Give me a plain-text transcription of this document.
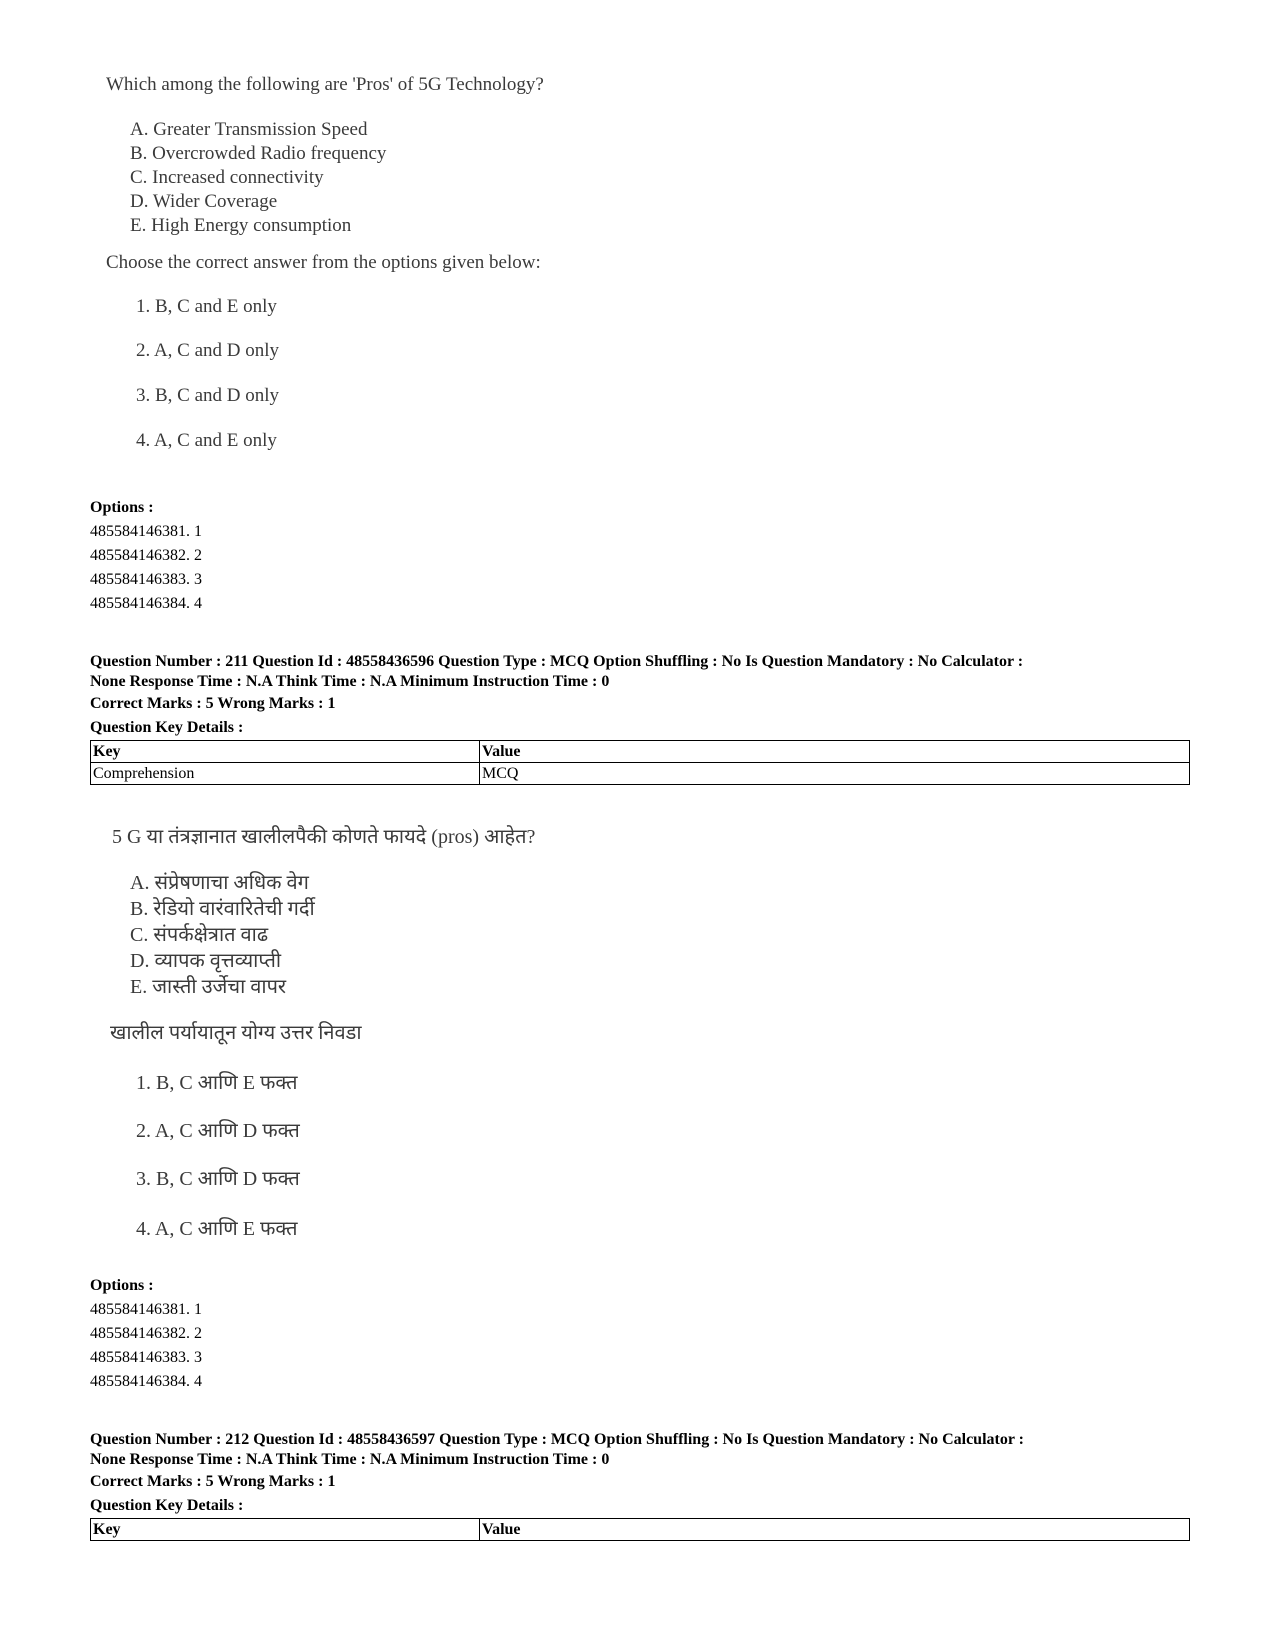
Which among the following are 'Pros' of 5G Technology?

A. Greater Transmission Speed

B. Overcrowded Radio frequency

C. Increased connectivity

D. Wider Coverage

E. High Energy consumption

Choose the correct answer from the options given below:

1. B, C and E only

2. A, C and D only

3. B, C and D only

4. A, C and E only

Options :

485584146381. 1

485584146382. 2

485584146383. 3

485584146384. 4

Question Number : 211 Question Id : 48558436596 Question Type : MCQ Option Shuffling : No Is Question Mandatory : No Calculator :

None Response Time : N.A Think Time : N.A Minimum Instruction Time : 0

Correct Marks : 5 Wrong Marks : 1

Question Key Details :

Key	Value
Comprehension	MCQ

5 G या तंत्रज्ञानात खालीलपैकी कोणते फायदे (pros) आहेत?

A. संप्रेषणाचा अधिक वेग

B. रेडियो वारंवारितेची गर्दी

C. संपर्कक्षेत्रात वाढ

D. व्यापक वृत्तव्याप्ती

E. जास्ती उर्जेचा वापर

खालील पर्यायातून योग्य उत्तर निवडा

1. B, C आणि E फक्त

2. A, C आणि D फक्त

3. B, C आणि D फक्त

4. A, C आणि E फक्त

Options :

485584146381. 1

485584146382. 2

485584146383. 3

485584146384. 4

Question Number : 212 Question Id : 48558436597 Question Type : MCQ Option Shuffling : No Is Question Mandatory : No Calculator :

None Response Time : N.A Think Time : N.A Minimum Instruction Time : 0

Correct Marks : 5 Wrong Marks : 1

Question Key Details :

Key	Value
